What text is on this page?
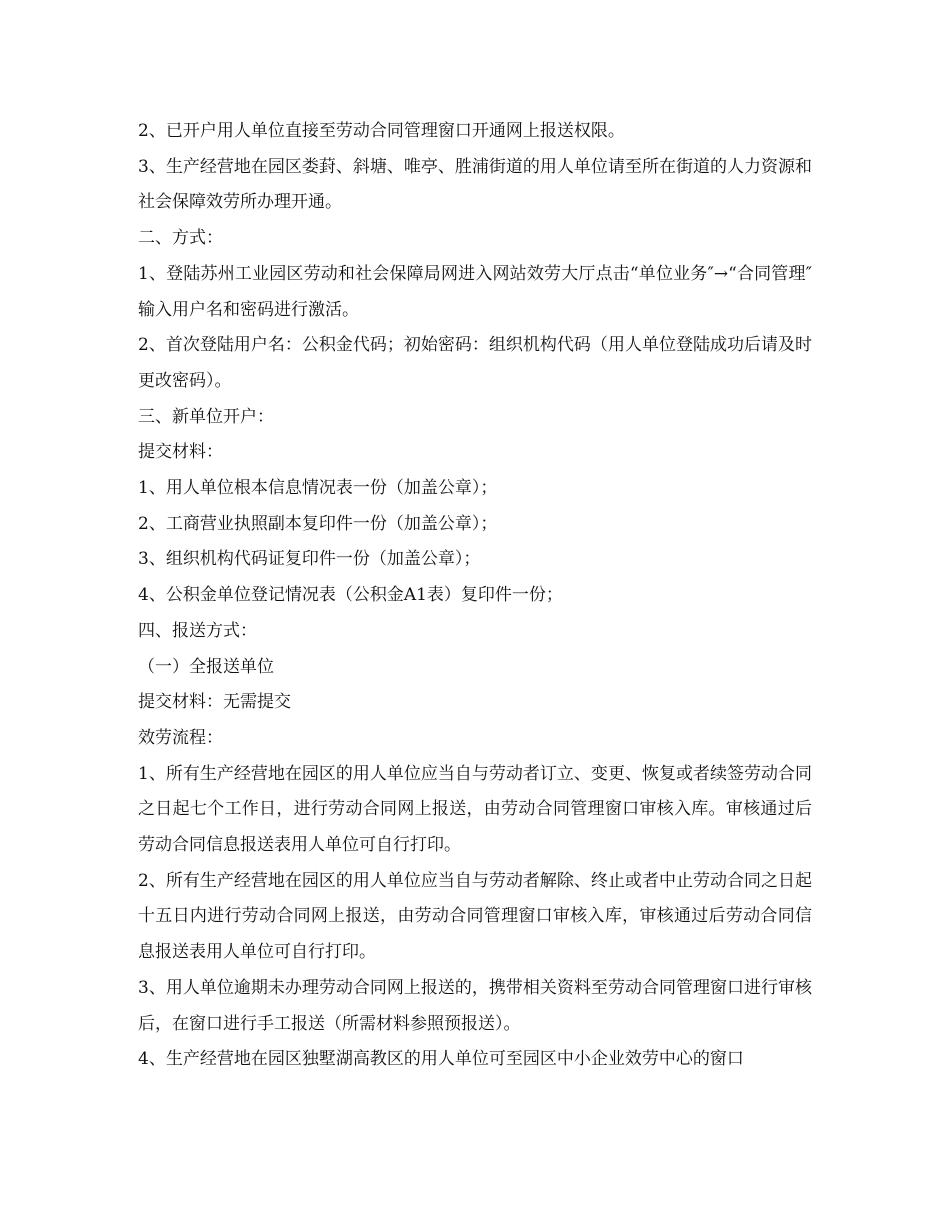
2、已开户用人单位直接至劳动合同管理窗口开通网上报送权限。

3、生产经营地在园区娄葑、斜塘、唯亭、胜浦街道的用人单位请至所在街道的人力资源和社会保障效劳所办理开通。

二、方式：

1、登陆苏州工业园区劳动和社会保障局网进入网站效劳大厅点击“单位业务″→“合同管理″ 输入用户名和密码进行激活。

2、首次登陆用户名：公积金代码；初始密码：组织机构代码（用人单位登陆成功后请及时更改密码）。

三、新单位开户：

提交材料：

1、用人单位根本信息情况表一份（加盖公章）；

2、工商营业执照副本复印件一份（加盖公章）；

3、组织机构代码证复印件一份（加盖公章）；

4、公积金单位登记情况表（公积金A1表）复印件一份；

四、报送方式：

（一）全报送单位

提交材料：无需提交

效劳流程：

1、所有生产经营地在园区的用人单位应当自与劳动者订立、变更、恢复或者续签劳动合同之日起七个工作日，进行劳动合同网上报送，由劳动合同管理窗口审核入库。审核通过后劳动合同信息报送表用人单位可自行打印。

2、所有生产经营地在园区的用人单位应当自与劳动者解除、终止或者中止劳动合同之日起十五日内进行劳动合同网上报送，由劳动合同管理窗口审核入库，审核通过后劳动合同信息报送表用人单位可自行打印。

3、用人单位逾期未办理劳动合同网上报送的，携带相关资料至劳动合同管理窗口进行审核后，在窗口进行手工报送（所需材料参照预报送）。

4、生产经营地在园区独墅湖高教区的用人单位可至园区中小企业效劳中心的窗口
